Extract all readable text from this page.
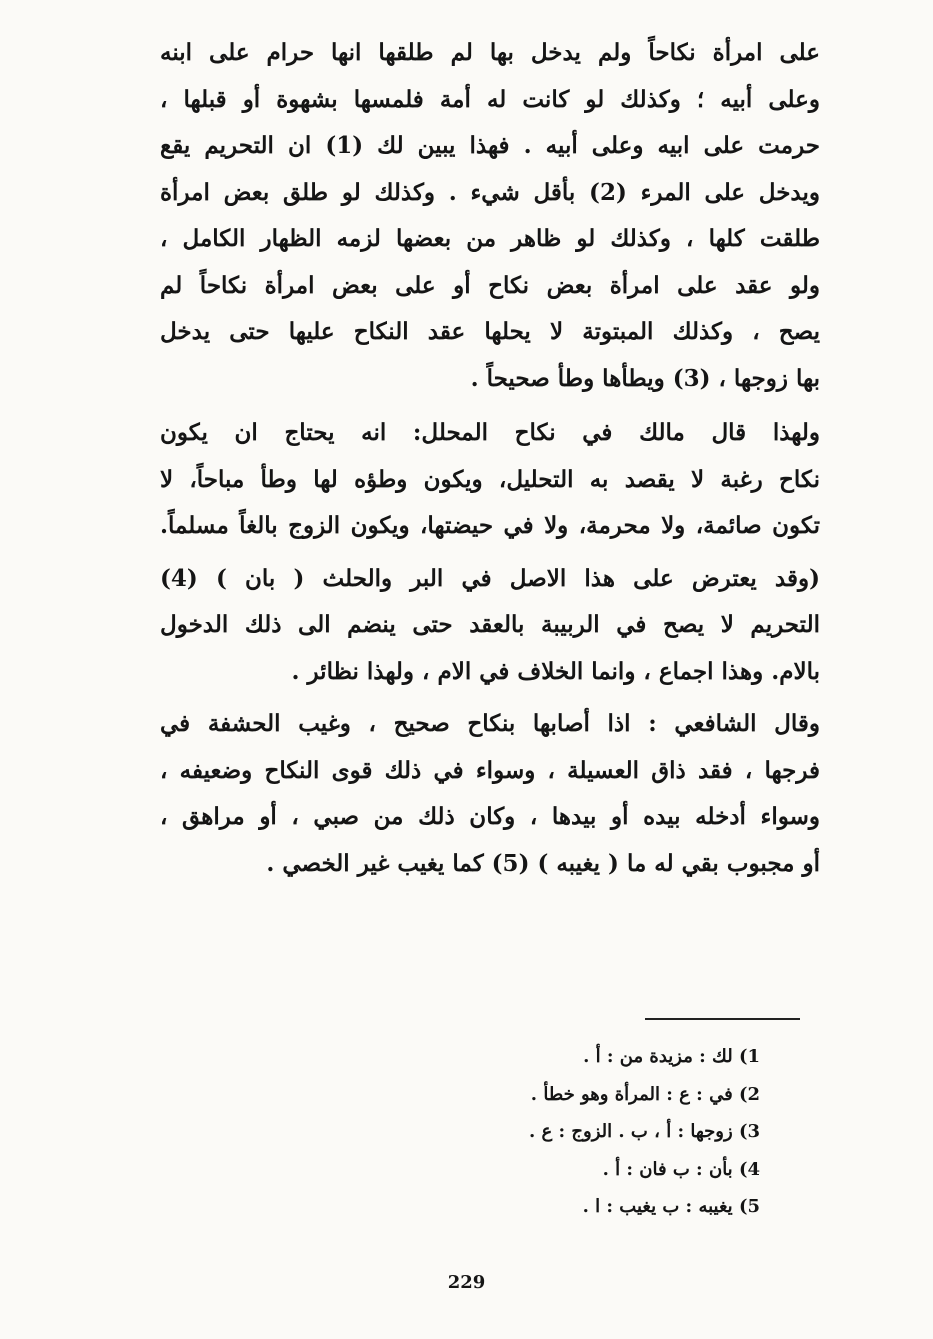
على امرأة نكاحاً ولم يدخل بها لم طلقها انها حرام على ابنه
وعلى أبيه ؛ وكذلك لو كانت له أمة فلمسها بشهوة أو قبلها ،
حرمت على ابيه وعلى أبيه . فهذا يبين لك (1) ان التحريم يقع
ويدخل على المرء (2) بأقل شيء . وكذلك لو طلق بعض امرأة
طلقت كلها ، وكذلك لو ظاهر من بعضها لزمه الظهار الكامل ،
ولو عقد على امرأة بعض نكاح أو على بعض امرأة نكاحاً لم
يصح ، وكذلك المبتوتة لا يحلها عقد النكاح عليها حتى يدخل
بها زوجها ، (3) ويطأها وطأ صحيحاً .
ولهذا قال مالك في نكاح المحلل: انه يحتاج ان يكون
نكاح رغبة لا يقصد به التحليل، ويكون وطؤه لها وطأ مباحاً، لا
تكون صائمة، ولا محرمة، ولا في حيضتها، ويكون الزوج بالغاً مسلماً.
(وقد يعترض على هذا الاصل في البر والحلث ( بان ) (4)
التحريم لا يصح في الربيبة بالعقد حتى ينضم الى ذلك الدخول
بالام. وهذا اجماع ، وانما الخلاف في الام ، ولهذا نظائر .
وقال الشافعي : اذا أصابها بنكاح صحيح ، وغيب الحشفة في
فرجها ، فقد ذاق العسيلة ، وسواء في ذلك قوى النكاح وضعيفه ،
وسواء أدخله بيده أو بيدها ، وكان ذلك من صبي ، أو مراهق ،
أو مجبوب بقي له ما ( يغيبه ) (5) كما يغيب غير الخصي .
1) لك : مزيدة من : أ .
2) في : ع : المرأة وهو خطأ .
3) زوجها : أ ، ب . الزوج : ع .
4) بأن : ب فان : أ .
5) يغيبه : ب يغيب : ا .
229
